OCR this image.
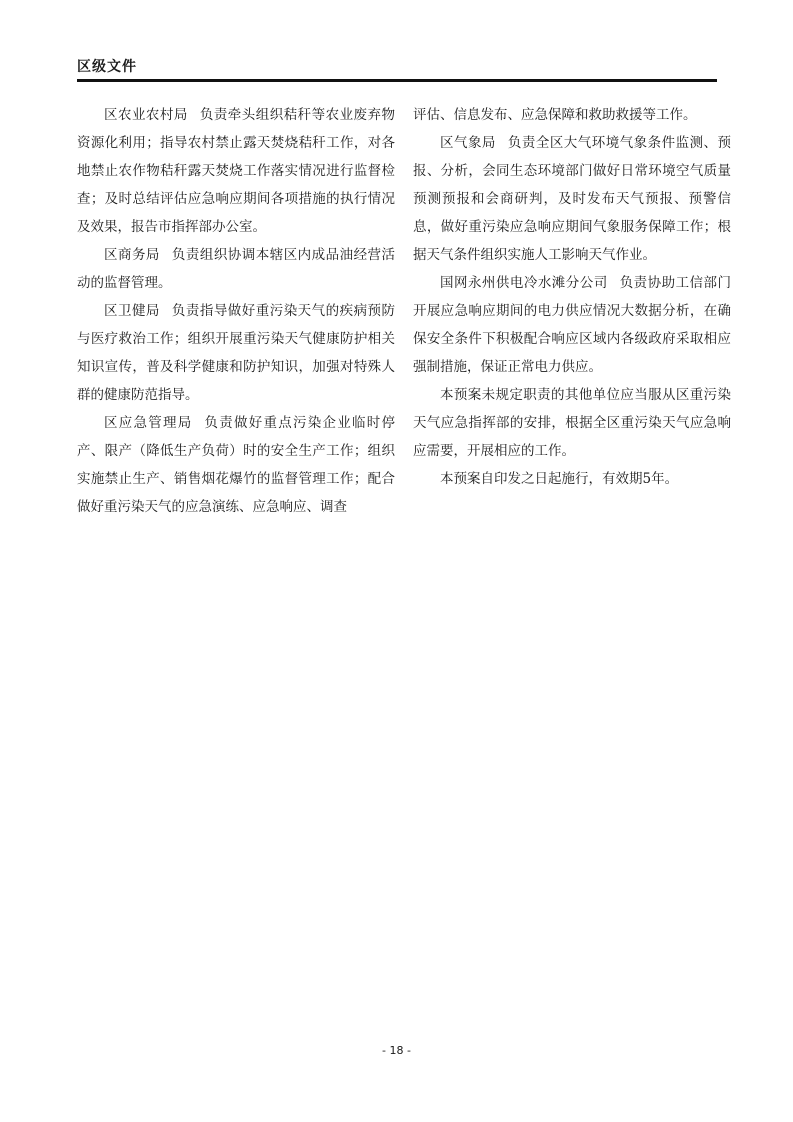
区级文件

区农业农村局 负责牵头组织秸秆等农业废弃物资源化利用；指导农村禁止露天焚烧秸秆工作，对各地禁止农作物秸秆露天焚烧工作落实情况进行监督检查；及时总结评估应急响应期间各项措施的执行情况及效果，报告市指挥部办公室。

区商务局 负责组织协调本辖区内成品油经营活动的监督管理。

区卫健局 负责指导做好重污染天气的疾病预防与医疗救治工作；组织开展重污染天气健康防护相关知识宣传，普及科学健康和防护知识，加强对特殊人群的健康防范指导。

区应急管理局 负责做好重点污染企业临时停产、限产（降低生产负荷）时的安全生产工作；组织实施禁止生产、销售烟花爆竹的监督管理工作；配合做好重污染天气的应急演练、应急响应、调查

评估、信息发布、应急保障和救助救援等工作。

区气象局 负责全区大气环境气象条件监测、预报、分析，会同生态环境部门做好日常环境空气质量预测预报和会商研判，及时发布天气预报、预警信息，做好重污染应急响应期间气象服务保障工作；根据天气条件组织实施人工影响天气作业。

国网永州供电冷水滩分公司 负责协助工信部门开展应急响应期间的电力供应情况大数据分析，在确保安全条件下积极配合响应区域内各级政府采取相应强制措施，保证正常电力供应。

本预案未规定职责的其他单位应当服从区重污染天气应急指挥部的安排，根据全区重污染天气应急响应需要，开展相应的工作。

本预案自印发之日起施行，有效期5年。

- 18 -
